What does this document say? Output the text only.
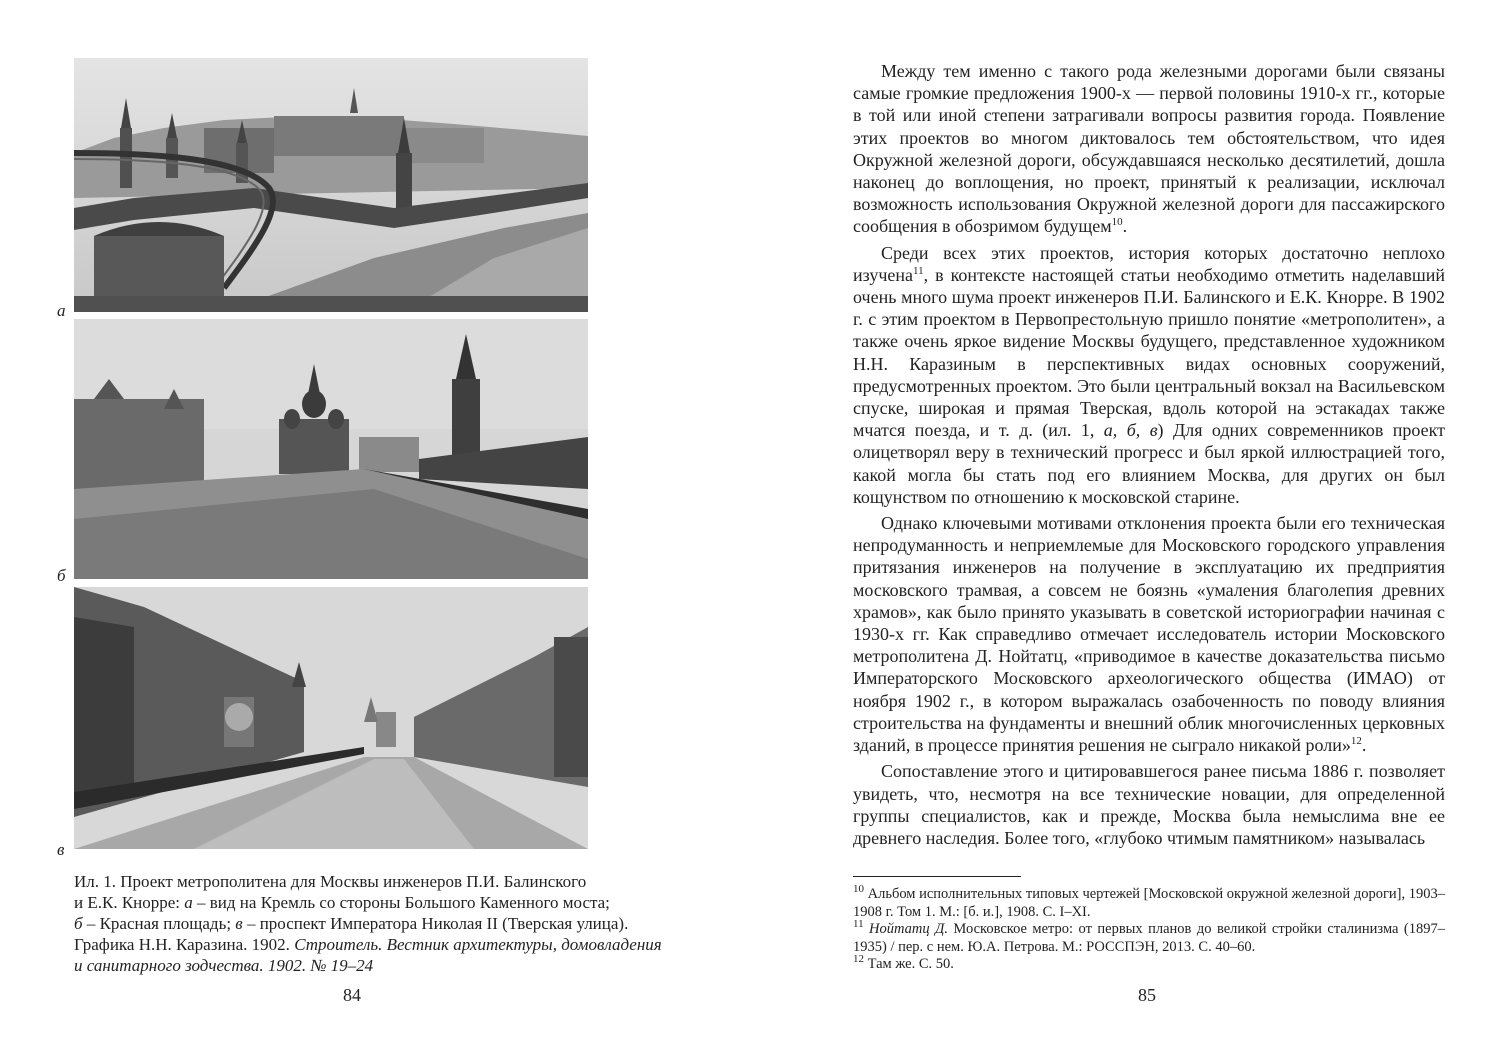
а
б
в
Ил. 1. Проект метрополитена для Москвы инженеров П.И. Балинского
и Е.К. Кнорре: а – вид на Кремль со стороны Большого Каменного моста;
б – Красная площадь; в – проспект Императора Николая II (Тверская улица).
Графика Н.Н. Каразина. 1902. Строитель. Вестник архитектуры, домовладения
и санитарного зодчества. 1902. № 19–24
84

Между тем именно с такого рода железными дорогами были связаны самые громкие предложения 1900-х — первой половины 1910-х гг., которые в той или иной степени затрагивали вопросы развития города. Появление этих проектов во многом диктовалось тем обстоятельством, что идея Окружной железной дороги, обсуждавшаяся несколько десятилетий, дошла наконец до воплощения, но проект, принятый к реализации, исключал возможность использования Окружной железной дороги для пассажирского сообщения в обозримом будущем$^{10}$.

Среди всех этих проектов, история которых достаточно неплохо изучена$^{11}$, в контексте настоящей статьи необходимо отметить наделавший очень много шума проект инженеров П.И. Балинского и Е.К. Кнорре. В 1902 г. с этим проектом в Первопрестольную пришло понятие «метрополитен», а также очень яркое видение Москвы будущего, представленное художником Н.Н. Каразиным в перспективных видах основных сооружений, предусмотренных проектом. Это были центральный вокзал на Васильевском спуске, широкая и прямая Тверская, вдоль которой на эстакадах также мчатся поезда, и т. д. (ил. 1, а, б, в) Для одних современников проект олицетворял веру в технический прогресс и был яркой иллюстрацией того, какой могла бы стать под его влиянием Москва, для других он был кощунством по отношению к московской старине.

Однако ключевыми мотивами отклонения проекта были его техническая непродуманность и неприемлемые для Московского городского управления притязания инженеров на получение в эксплуатацию их предприятия московского трамвая, а совсем не боязнь «умаления благолепия древних храмов», как было принято указывать в советской историографии начиная с 1930-х гг. Как справедливо отмечает исследователь истории Московского метрополитена Д. Нойтатц, «приводимое в качестве доказательства письмо Императорского Московского археологического общества (ИМАО) от ноября 1902 г., в котором выражалась озабоченность по поводу влияния строительства на фундаменты и внешний облик многочисленных церковных зданий, в процессе принятия решения не сыграло никакой роли»$^{12}$.

Сопоставление этого и цитировавшегося ранее письма 1886 г. позволяет увидеть, что, несмотря на все технические новации, для определенной группы специалистов, как и прежде, Москва была немыслима вне ее древнего наследия. Более того, «глубоко чтимым памятником» называлась

$^{10}$ Альбом исполнительных типовых чертежей [Московской окружной железной дороги], 1903–1908 г. Том 1. М.: [б. и.], 1908. С. I–XI.

$^{11}$ Нойтатц Д. Московское метро: от первых планов до великой стройки сталинизма (1897–1935) / пер. с нем. Ю.А. Петрова. М.: РОССПЭН, 2013. С. 40–60.

$^{12}$ Там же. С. 50.

85
